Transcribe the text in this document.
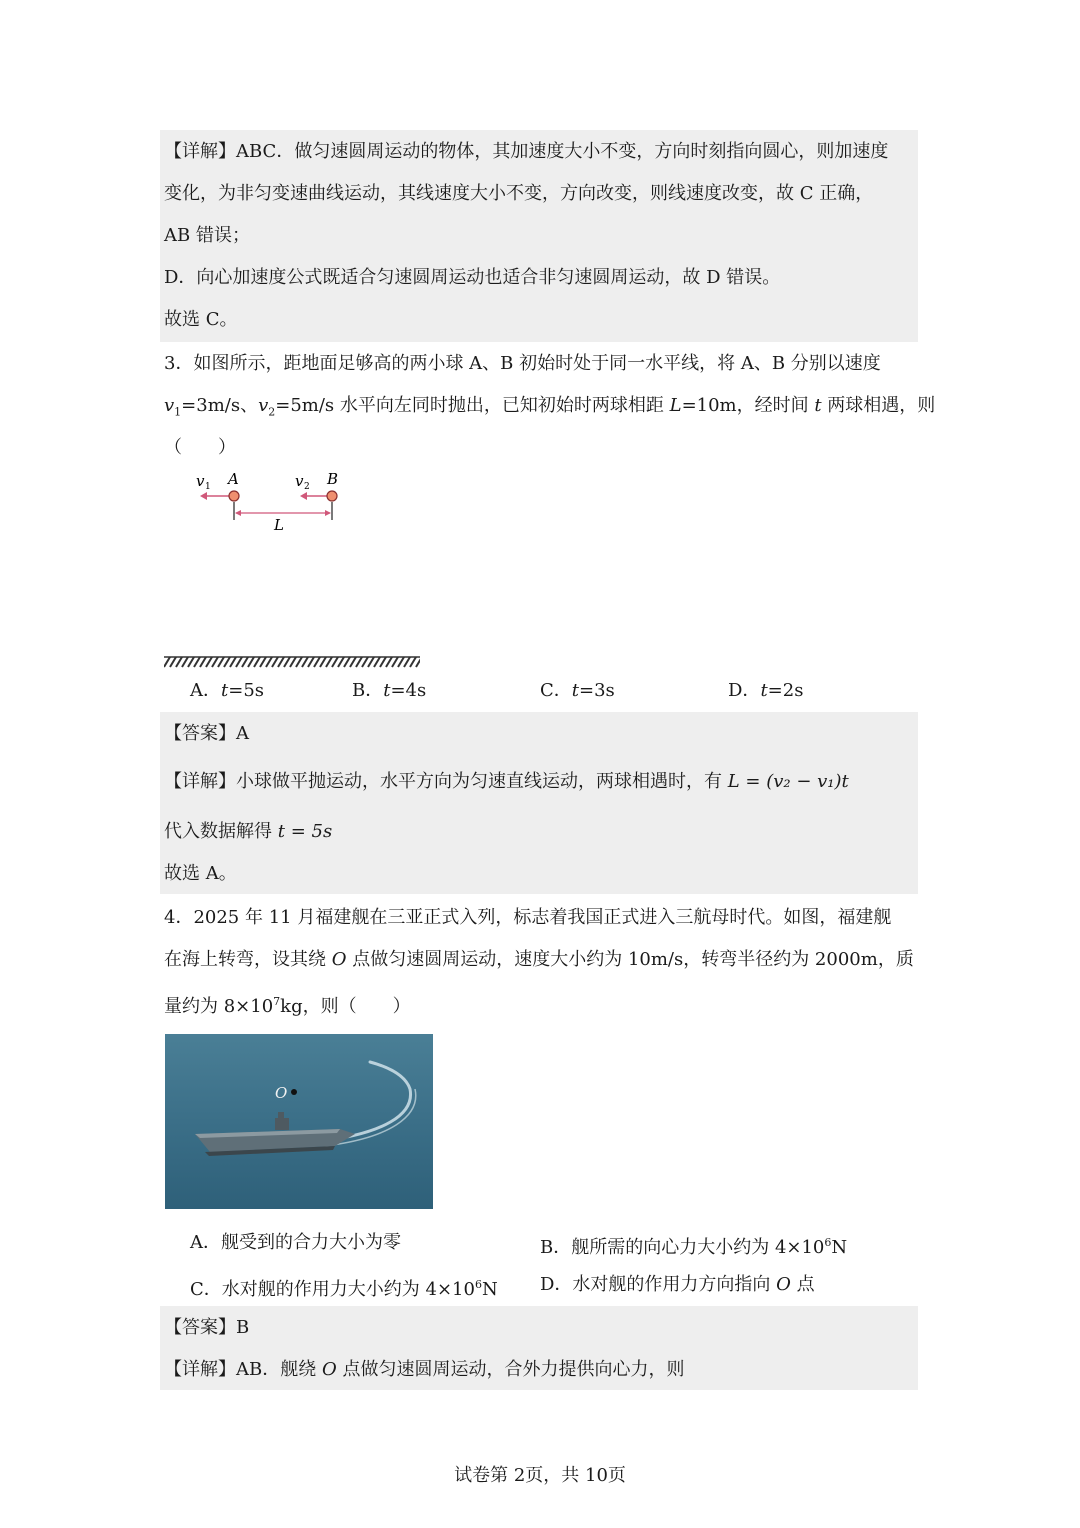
【详解】ABC．做匀速圆周运动的物体，其加速度大小不变，方向时刻指向圆心，则加速度
变化，为非匀变速曲线运动，其线速度大小不变，方向改变，则线速度改变，故 C 正确，
AB 错误；
D．向心加速度公式既适合匀速圆周运动也适合非匀速圆周运动，故 D 错误。
故选 C。
3．如图所示，距地面足够高的两小球 A、B 初始时处于同一水平线，将 A、B 分别以速度
$v_1=3m/s$、$v_2=5m/s$ 水平向左同时抛出，已知初始时两球相距 L=10m，经时间 t 两球相遇，则
（　　）
v 1 A	v 2 B
L
A．t=5s	B．t=4s	C．t=3s	D．t=2s
【答案】A
【详解】小球做平抛运动，水平方向为匀速直线运动，两球相遇时，有 L = (v₂ − v₁)t
代入数据解得 t = 5s
故选 A。
4．2025 年 11 月福建舰在三亚正式入列，标志着我国正式进入三航母时代。如图，福建舰
在海上转弯，设其绕 O 点做匀速圆周运动，速度大小约为 10m/s，转弯半径约为 2000m，质
量约为 $8\times 10^7kg$，则（　　）
O
A．舰受到的合力大小为零	B．舰所需的向心力大小约为 $4\times 10^6N$
C．水对舰的作用力大小约为 $4\times 10^6N$ D．水对舰的作用力方向指向 O 点
【答案】B
【详解】AB．舰绕 O 点做匀速圆周运动，合外力提供向心力，则
试卷第 2页，共 10页
